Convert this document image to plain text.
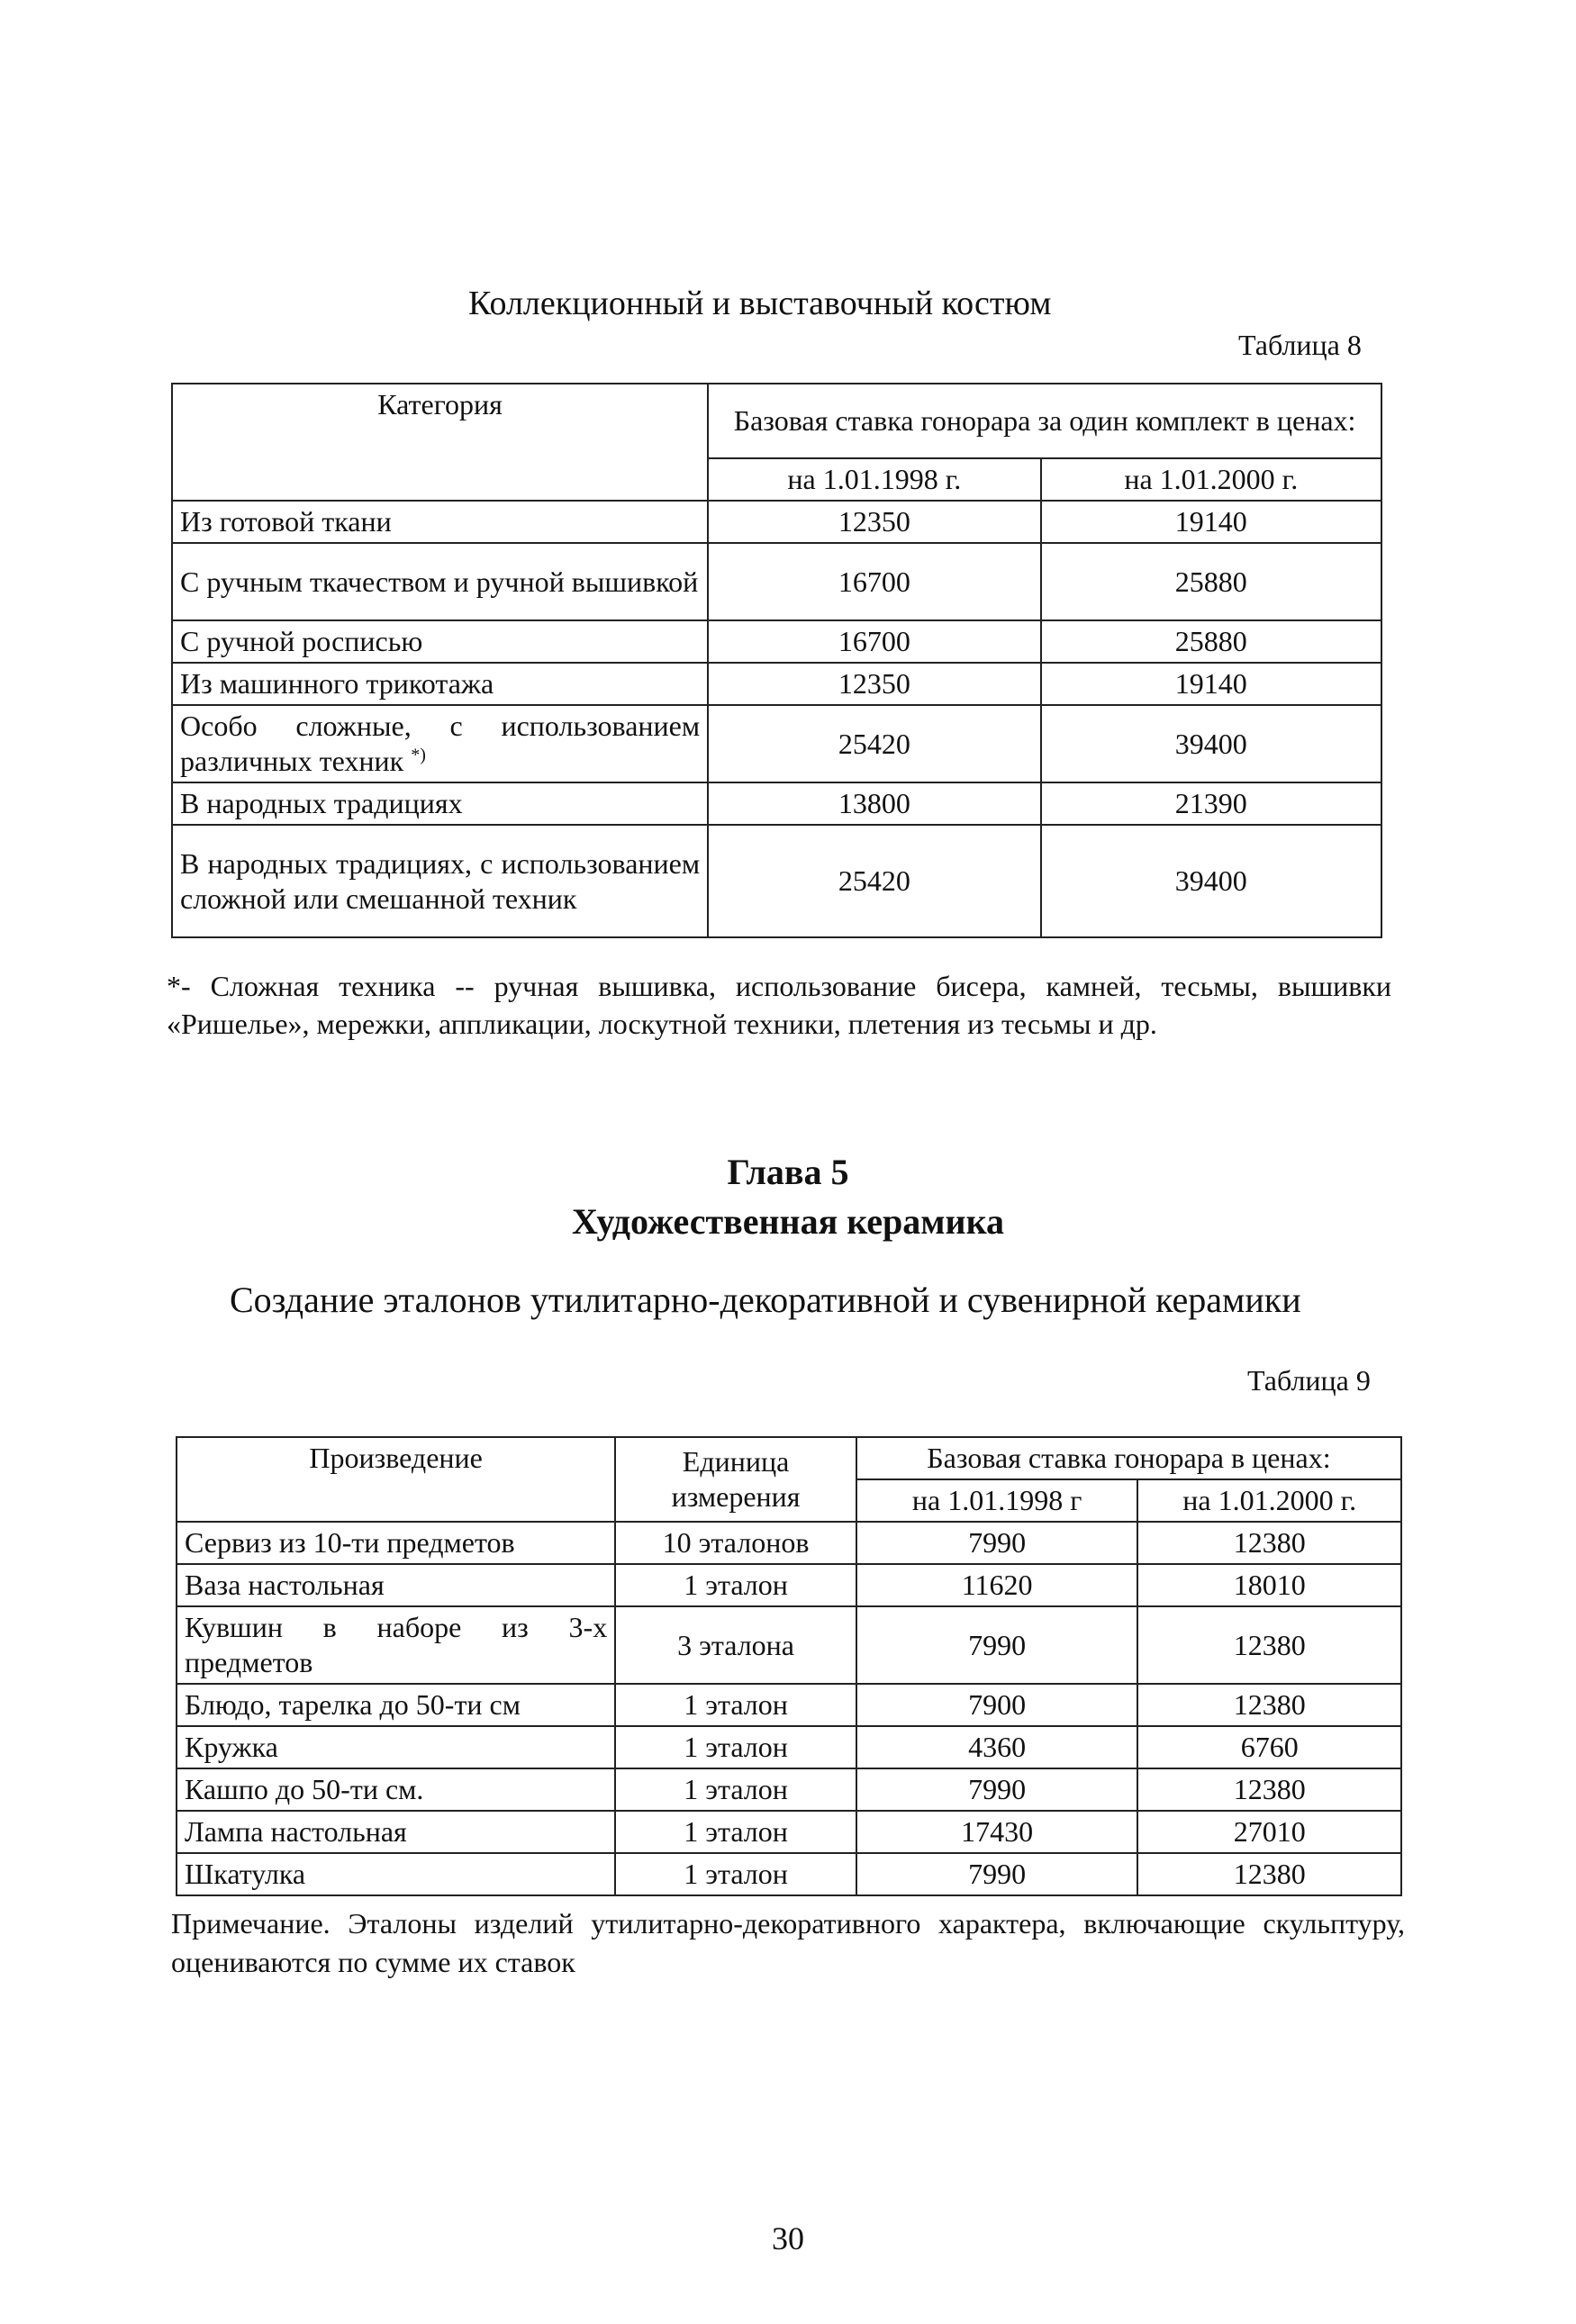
Коллекционный и выставочный костюм
Таблица 8
Категория	Базовая ставка гонорара за один комплект в ценах:	
	на 1.01.1998 г.	на 1.01.2000 г.
Из готовой ткани	12350	19140
С ручным ткачеством и ручной вышивкой	16700	25880
С ручной росписью	16700	25880
Из машинного трикотажа	12350	19140
Особо сложные, с использованием различных техник *)	25420	39400
В народных традициях	13800	21390
В народных традициях, с использованием сложной или смешанной техник	25420	39400
*- Сложная техника -- ручная вышивка, использование бисера, камней, тесьмы, вышивки «Ришелье», мережки, аппликации, лоскутной техники, плетения из тесьмы и др.
Глава 5
Художественная керамика
Создание эталонов утилитарно-декоративной и сувенирной керамики
Таблица 9
Произведение	Единица измерения	Базовая ставка гонорара в ценах:	
		на 1.01.1998 г	на 1.01.2000 г.
Сервиз из 10-ти предметов	10 эталонов	7990	12380
Ваза настольная	1 эталон	11620	18010
Кувшин в наборе из 3-х предметов	3 эталона	7990	12380
Блюдо, тарелка до 50-ти см	1 эталон	7900	12380
Кружка	1 эталон	4360	6760
Кашпо до 50-ти см.	1 эталон	7990	12380
Лампа настольная	1 эталон	17430	27010
Шкатулка	1 эталон	7990	12380
Примечание. Эталоны изделий утилитарно-декоративного характера, включающие скульптуру, оцениваются по сумме их ставок
30
